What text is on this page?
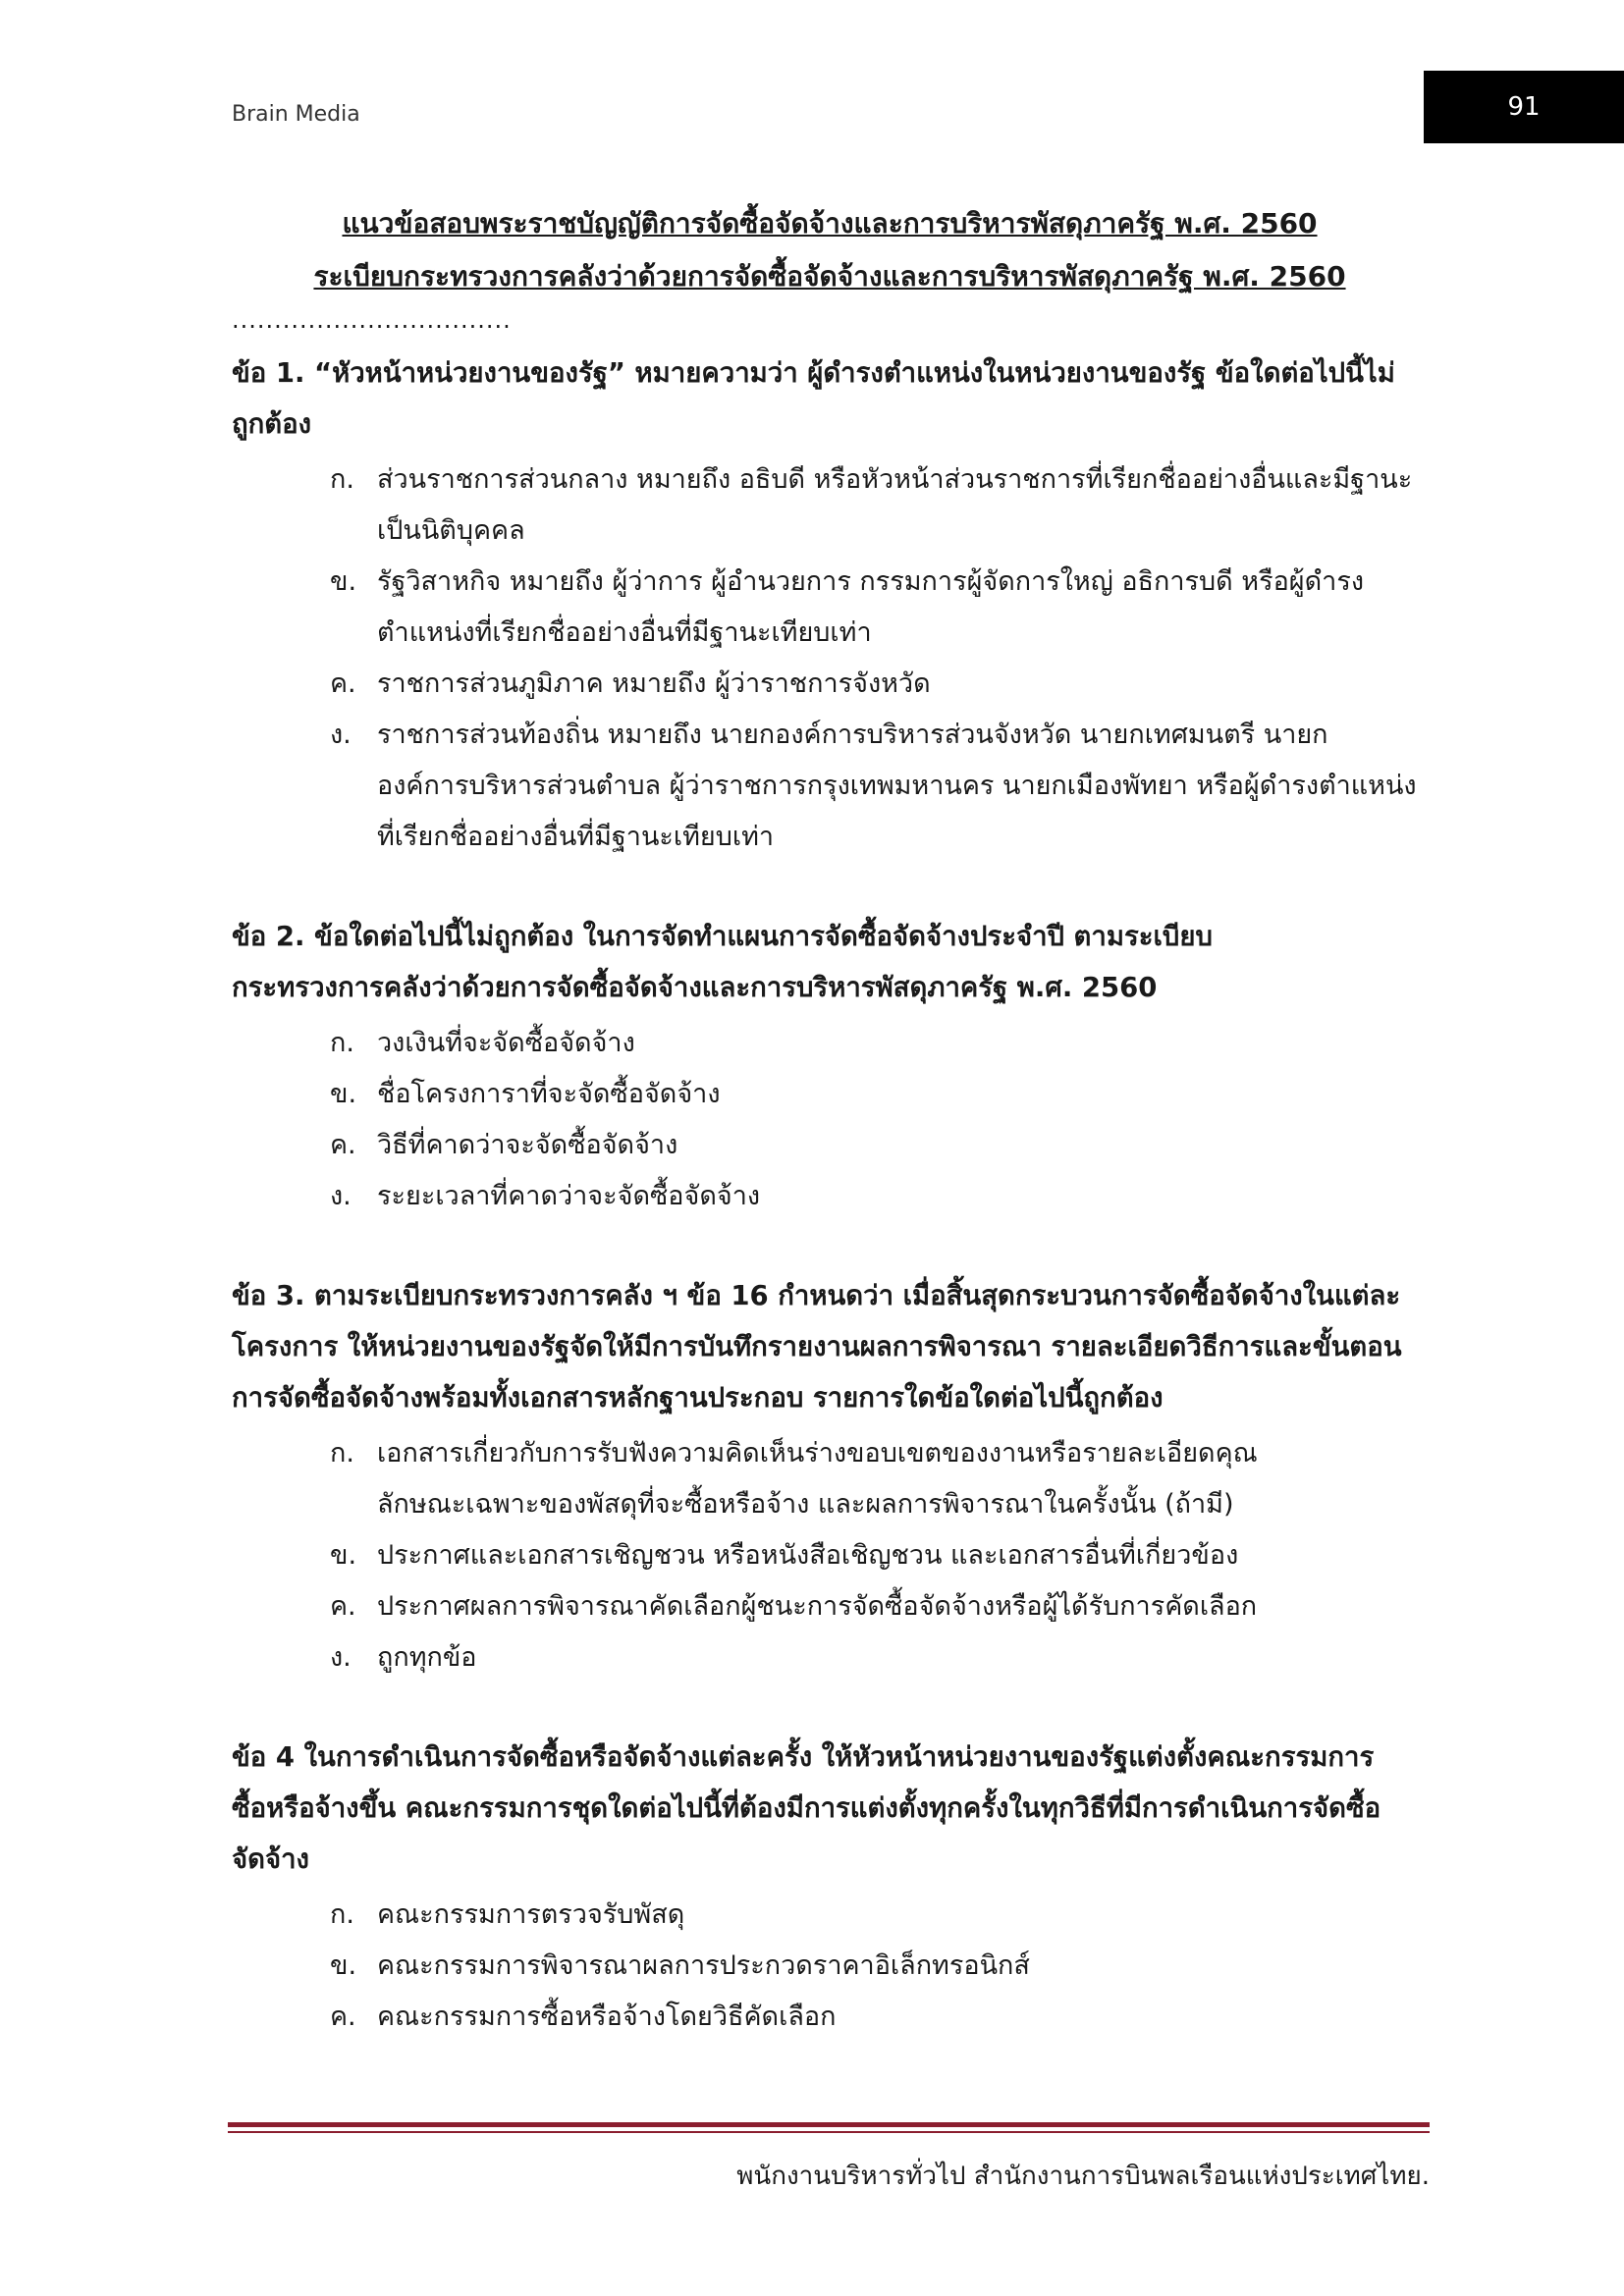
Brain Media	91
แนวข้อสอบพระราชบัญญัติการจัดซื้อจัดจ้างและการบริหารพัสดุภาครัฐ พ.ศ. 2560
ระเบียบกระทรวงการคลังว่าด้วยการจัดซื้อจัดจ้างและการบริหารพัสดุภาครัฐ พ.ศ. 2560
.................................
ข้อ 1. “หัวหน้าหน่วยงานของรัฐ” หมายความว่า ผู้ดำรงตำแหน่งในหน่วยงานของรัฐ ข้อใดต่อไปนี้ไม่
ถูกต้อง
ก. ส่วนราชการส่วนกลาง หมายถึง อธิบดี หรือหัวหน้าส่วนราชการที่เรียกชื่ออย่างอื่นและมีฐานะ
เป็นนิติบุคคล
ข. รัฐวิสาหกิจ หมายถึง ผู้ว่าการ ผู้อำนวยการ กรรมการผู้จัดการใหญ่ อธิการบดี หรือผู้ดำรง
ตำแหน่งที่เรียกชื่ออย่างอื่นที่มีฐานะเทียบเท่า
ค. ราชการส่วนภูมิภาค หมายถึง ผู้ว่าราชการจังหวัด
ง. ราชการส่วนท้องถิ่น หมายถึง นายกองค์การบริหารส่วนจังหวัด นายกเทศมนตรี นายก
องค์การบริหารส่วนตำบล ผู้ว่าราชการกรุงเทพมหานคร นายกเมืองพัทยา หรือผู้ดำรงตำแหน่ง
ที่เรียกชื่ออย่างอื่นที่มีฐานะเทียบเท่า
ข้อ 2. ข้อใดต่อไปนี้ไม่ถูกต้อง ในการจัดทำแผนการจัดซื้อจัดจ้างประจำปี ตามระเบียบ
กระทรวงการคลังว่าด้วยการจัดซื้อจัดจ้างและการบริหารพัสดุภาครัฐ พ.ศ. 2560
ก. วงเงินที่จะจัดซื้อจัดจ้าง
ข. ชื่อโครงการาที่จะจัดซื้อจัดจ้าง
ค. วิธีที่คาดว่าจะจัดซื้อจัดจ้าง
ง. ระยะเวลาที่คาดว่าจะจัดซื้อจัดจ้าง
ข้อ 3. ตามระเบียบกระทรวงการคลัง ฯ ข้อ 16 กำหนดว่า เมื่อสิ้นสุดกระบวนการจัดซื้อจัดจ้างในแต่ละ
โครงการ ให้หน่วยงานของรัฐจัดให้มีการบันทึกรายงานผลการพิจารณา รายละเอียดวิธีการและขั้นตอน
การจัดซื้อจัดจ้างพร้อมทั้งเอกสารหลักฐานประกอบ รายการใดข้อใดต่อไปนี้ถูกต้อง
ก. เอกสารเกี่ยวกับการรับฟังความคิดเห็นร่างขอบเขตของงานหรือรายละเอียดคุณ
ลักษณะเฉพาะของพัสดุที่จะซื้อหรือจ้าง และผลการพิจารณาในครั้งนั้น (ถ้ามี)
ข. ประกาศและเอกสารเชิญชวน หรือหนังสือเชิญชวน และเอกสารอื่นที่เกี่ยวข้อง
ค. ประกาศผลการพิจารณาคัดเลือกผู้ชนะการจัดซื้อจัดจ้างหรือผู้ได้รับการคัดเลือก
ง. ถูกทุกข้อ
ข้อ 4 ในการดำเนินการจัดซื้อหรือจัดจ้างแต่ละครั้ง ให้หัวหน้าหน่วยงานของรัฐแต่งตั้งคณะกรรมการ
ซื้อหรือจ้างขึ้น คณะกรรมการชุดใดต่อไปนี้ที่ต้องมีการแต่งตั้งทุกครั้งในทุกวิธีที่มีการดำเนินการจัดซื้อ
จัดจ้าง
ก. คณะกรรมการตรวจรับพัสดุ
ข. คณะกรรมการพิจารณาผลการประกวดราคาอิเล็กทรอนิกส์
ค. คณะกรรมการซื้อหรือจ้างโดยวิธีคัดเลือก
พนักงานบริหารทั่วไป สำนักงานการบินพลเรือนแห่งประเทศไทย.
